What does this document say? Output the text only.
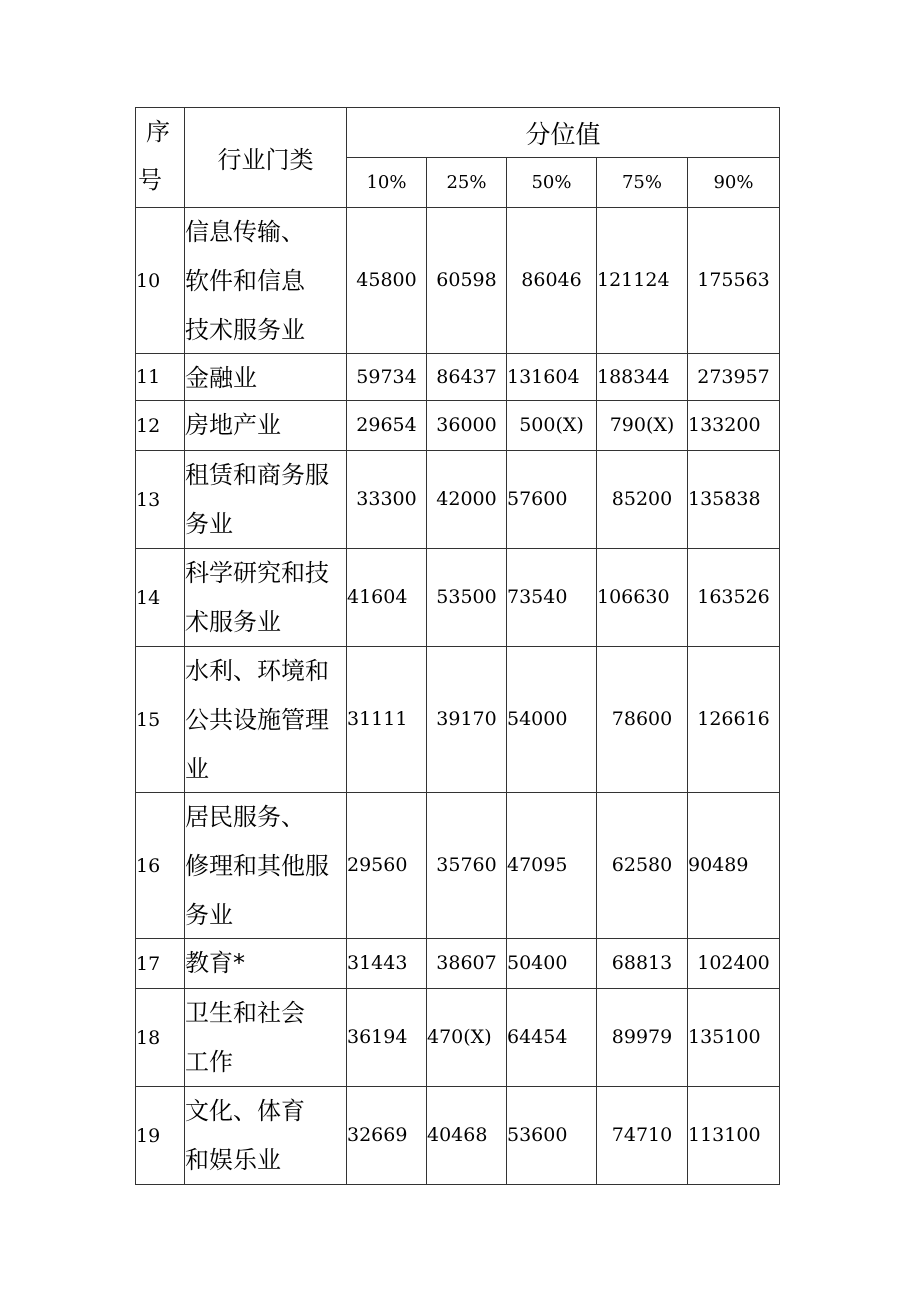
序
号	行业门类	分位值				
		10%	25%	50%	75%	90%
10	信息传输、
软件和信息
技术服务业	45800	60598	86046	121124	175563
11	金融业	59734	86437	131604	188344	273957
12	房地产业	29654	36000	500(X)	790(X)	133200
13	租赁和商务服
务业	33300	42000	57600	85200	135838
14	科学研究和技
术服务业	41604	53500	73540	106630	163526
15	水利、环境和
公共设施管理
业	31111	39170	54000	78600	126616
16	居民服务、
修理和其他服
务业	29560	35760	47095	62580	90489
17	教育*	31443	38607	50400	68813	102400
18	卫生和社会
工作	36194	470(X)	64454	89979	135100
19	文化、体育
和娱乐业	32669	40468	53600	74710	113100
